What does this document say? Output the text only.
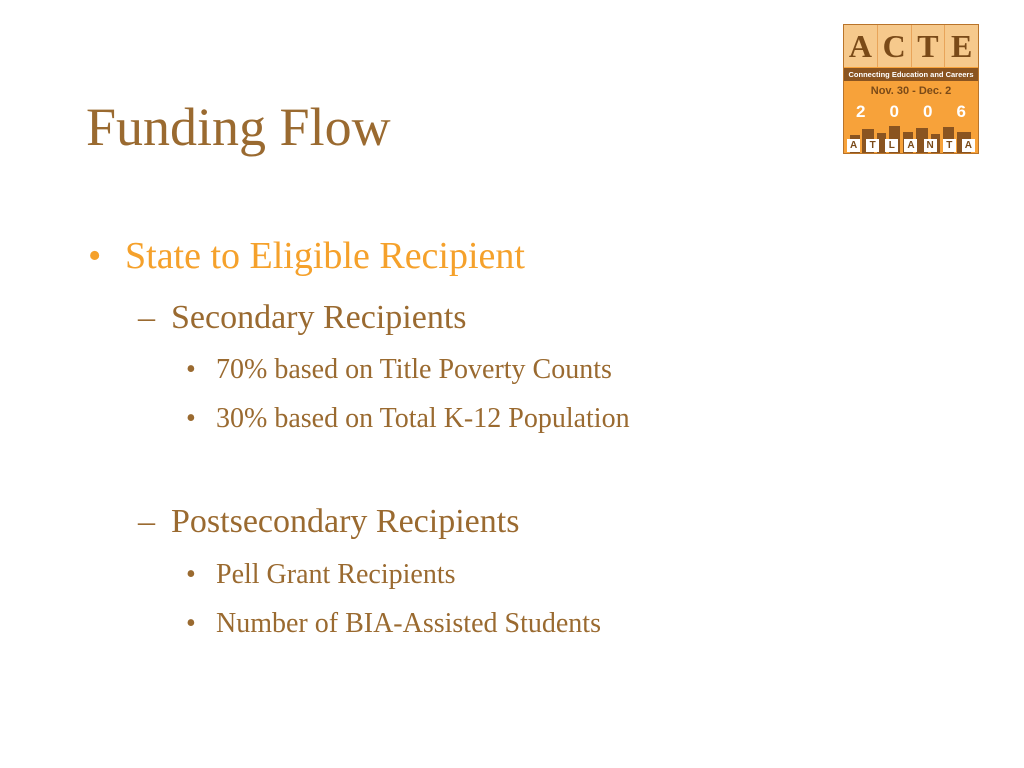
Funding Flow
A C T E
Connecting Education and Careers
Nov. 30 - Dec. 2
2 0 0 6
A	T	L	A N	T	A
• State to Eligible Recipient
– Secondary Recipients
• 70% based on Title Poverty Counts
• 30% based on Total K-12 Population
– Postsecondary Recipients
• Pell Grant Recipients
• Number of BIA-Assisted Students
